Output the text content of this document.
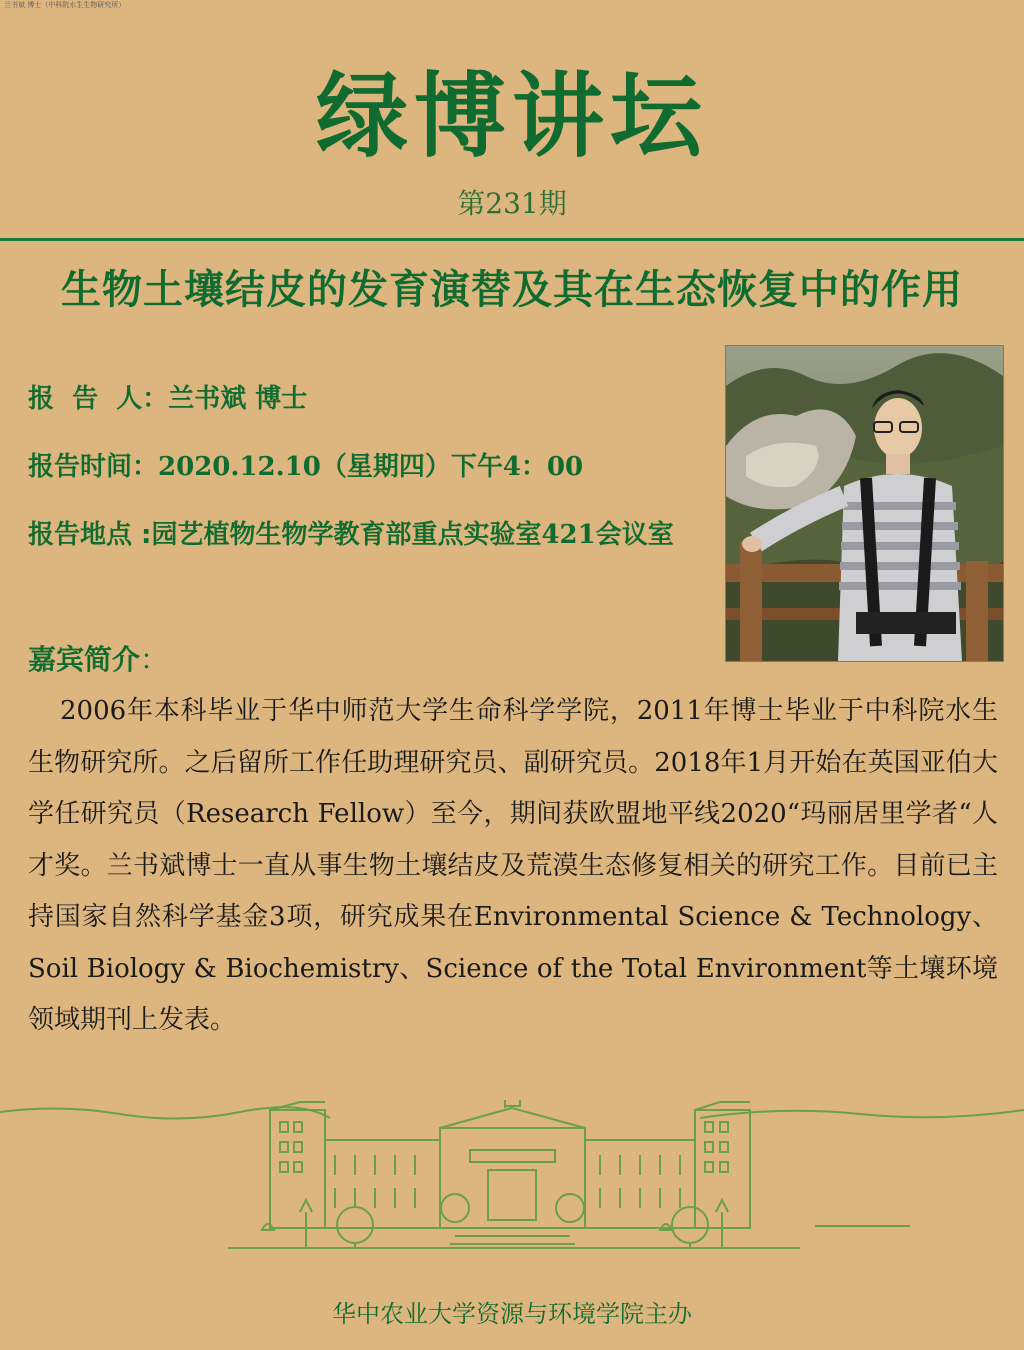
兰书斌 博士（中科院水生生物研究所）
绿博讲坛
第231期
生物土壤结皮的发育演替及其在生态恢复中的作用
报  告  人：兰书斌 博士
报告时间：2020.12.10（星期四）下午4：00
报告地点 :园艺植物生物学教育部重点实验室421会议室
嘉宾简介：
2006年本科毕业于华中师范大学生命科学学院，2011年博士毕业于中科院水生生物研究所。之后留所工作任助理研究员、副研究员。2018年1月开始在英国亚伯大学任研究员（Research Fellow）至今，期间获欧盟地平线2020“玛丽居里学者“人才奖。兰书斌博士一直从事生物土壤结皮及荒漠生态修复相关的研究工作。目前已主持国家自然科学基金3项，研究成果在Environmental Science & Technology、Soil Biology & Biochemistry、Science of the Total Environment等土壤环境领域期刊上发表。
华中农业大学资源与环境学院主办
